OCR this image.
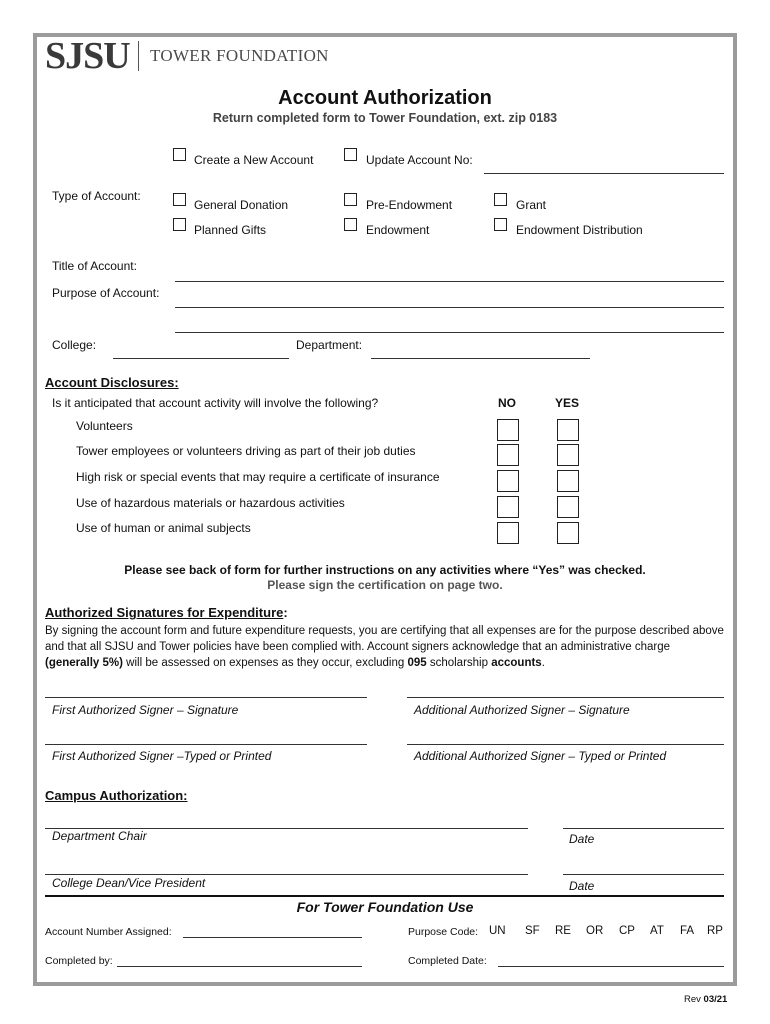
SJSU TOWER FOUNDATION
Account Authorization
Return completed form to Tower Foundation, ext. zip 0183
Create a New Account	Update Account No:
Type of Account:
General Donation	Pre-Endowment	Grant
Planned Gifts	Endowment	Endowment Distribution
Title of Account:
Purpose of Account:
College:	Department:
Account Disclosures:
Is it anticipated that account activity will involve the following?	NO	YES
Volunteers
Tower employees or volunteers driving as part of their job duties
High risk or special events that may require a certificate of insurance
Use of hazardous materials or hazardous activities
Use of human or animal subjects
Please see back of form for further instructions on any activities where “Yes” was checked.
Please sign the certification on page two.
Authorized Signatures for Expenditure:
By signing the account form and future expenditure requests, you are certifying that all expenses are for the purpose described above and that all SJSU and Tower policies have been complied with. Account signers acknowledge that an administrative charge (generally 5%) will be assessed on expenses as they occur, excluding 095 scholarship accounts.
First Authorized Signer – Signature	Additional Authorized Signer – Signature
First Authorized Signer –Typed or Printed	Additional Authorized Signer – Typed or Printed
Campus Authorization:
Department Chair	Date
College Dean/Vice President	Date
For Tower Foundation Use
Account Number Assigned:	Purpose Code: UN SF RE OR CP AT FA RP
Completed by:	Completed Date:
Rev 03/21
